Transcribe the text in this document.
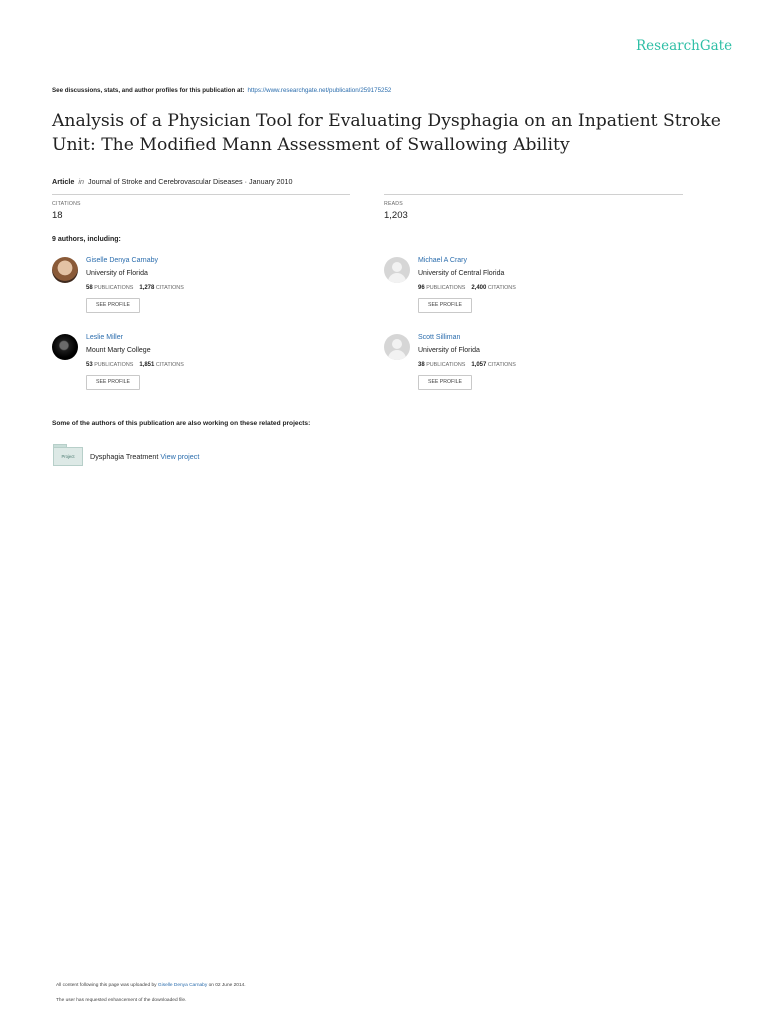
ResearchGate
See discussions, stats, and author profiles for this publication at: https://www.researchgate.net/publication/259175252
Analysis of a Physician Tool for Evaluating Dysphagia on an Inpatient Stroke Unit: The Modified Mann Assessment of Swallowing Ability
Article in Journal of Stroke and Cerebrovascular Diseases · January 2010
CITATIONS
18
READS
1,203
9 authors, including:
Giselle Denya Carnaby
University of Florida
58 PUBLICATIONS 1,278 CITATIONS
SEE PROFILE
Michael A Crary
University of Central Florida
96 PUBLICATIONS 2,400 CITATIONS
SEE PROFILE
Leslie Miller
Mount Marty College
53 PUBLICATIONS 1,851 CITATIONS
SEE PROFILE
Scott Silliman
University of Florida
38 PUBLICATIONS 1,057 CITATIONS
SEE PROFILE
Some of the authors of this publication are also working on these related projects:
Project	Dysphagia Treatment View project
All content following this page was uploaded by Giselle Denya Carnaby on 02 June 2014.
The user has requested enhancement of the downloaded file.
